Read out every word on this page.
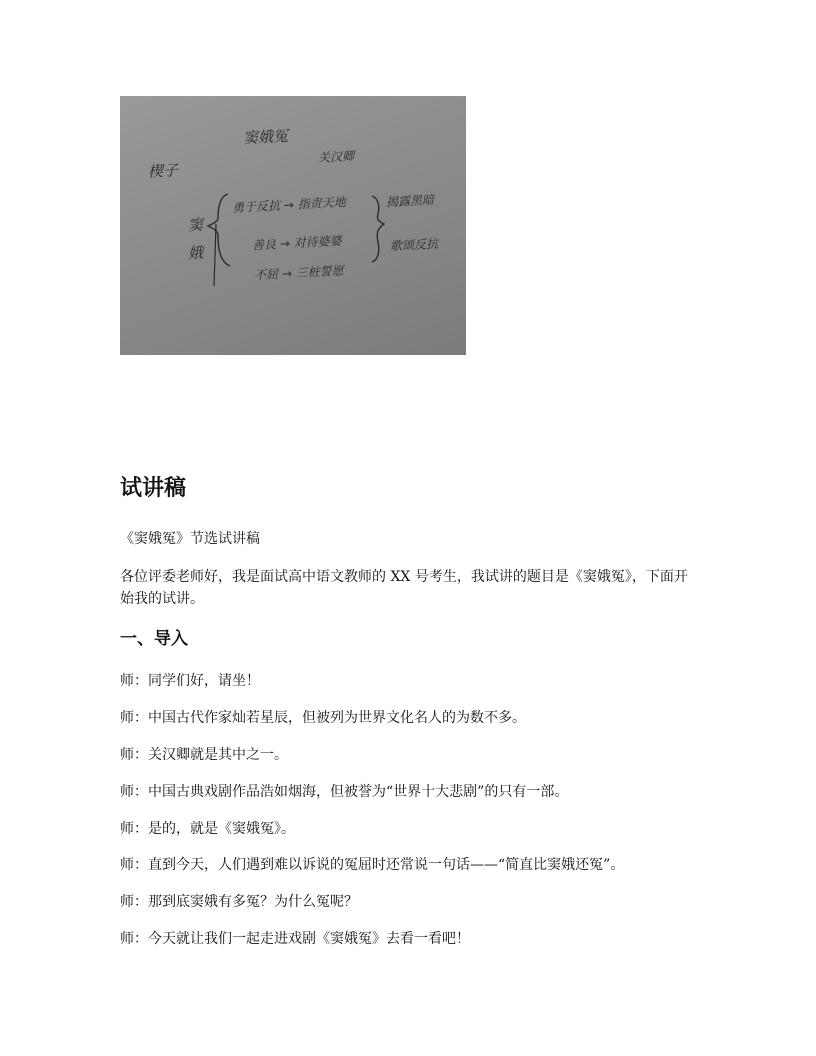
窦娥冤
关汉卿
楔子
窦
娥
勇于反抗 → 指责天地
善良 → 对待婆婆
不屈 → 三桩誓愿
揭露黑暗
歌颂反抗
试讲稿

《窦娥冤》节选试讲稿

各位评委老师好，我是面试高中语文教师的 XX 号考生，我试讲的题目是《窦娥冤》，下面开始我的试讲。

一、导入

师：同学们好，请坐！

师：中国古代作家灿若星辰，但被列为世界文化名人的为数不多。

师：关汉卿就是其中之一。

师：中国古典戏剧作品浩如烟海，但被誉为“世界十大悲剧”的只有一部。

师：是的，就是《窦娥冤》。

师：直到今天，人们遇到难以诉说的冤屈时还常说一句话——“简直比窦娥还冤”。

师：那到底窦娥有多冤？为什么冤呢？

师：今天就让我们一起走进戏剧《窦娥冤》去看一看吧！
